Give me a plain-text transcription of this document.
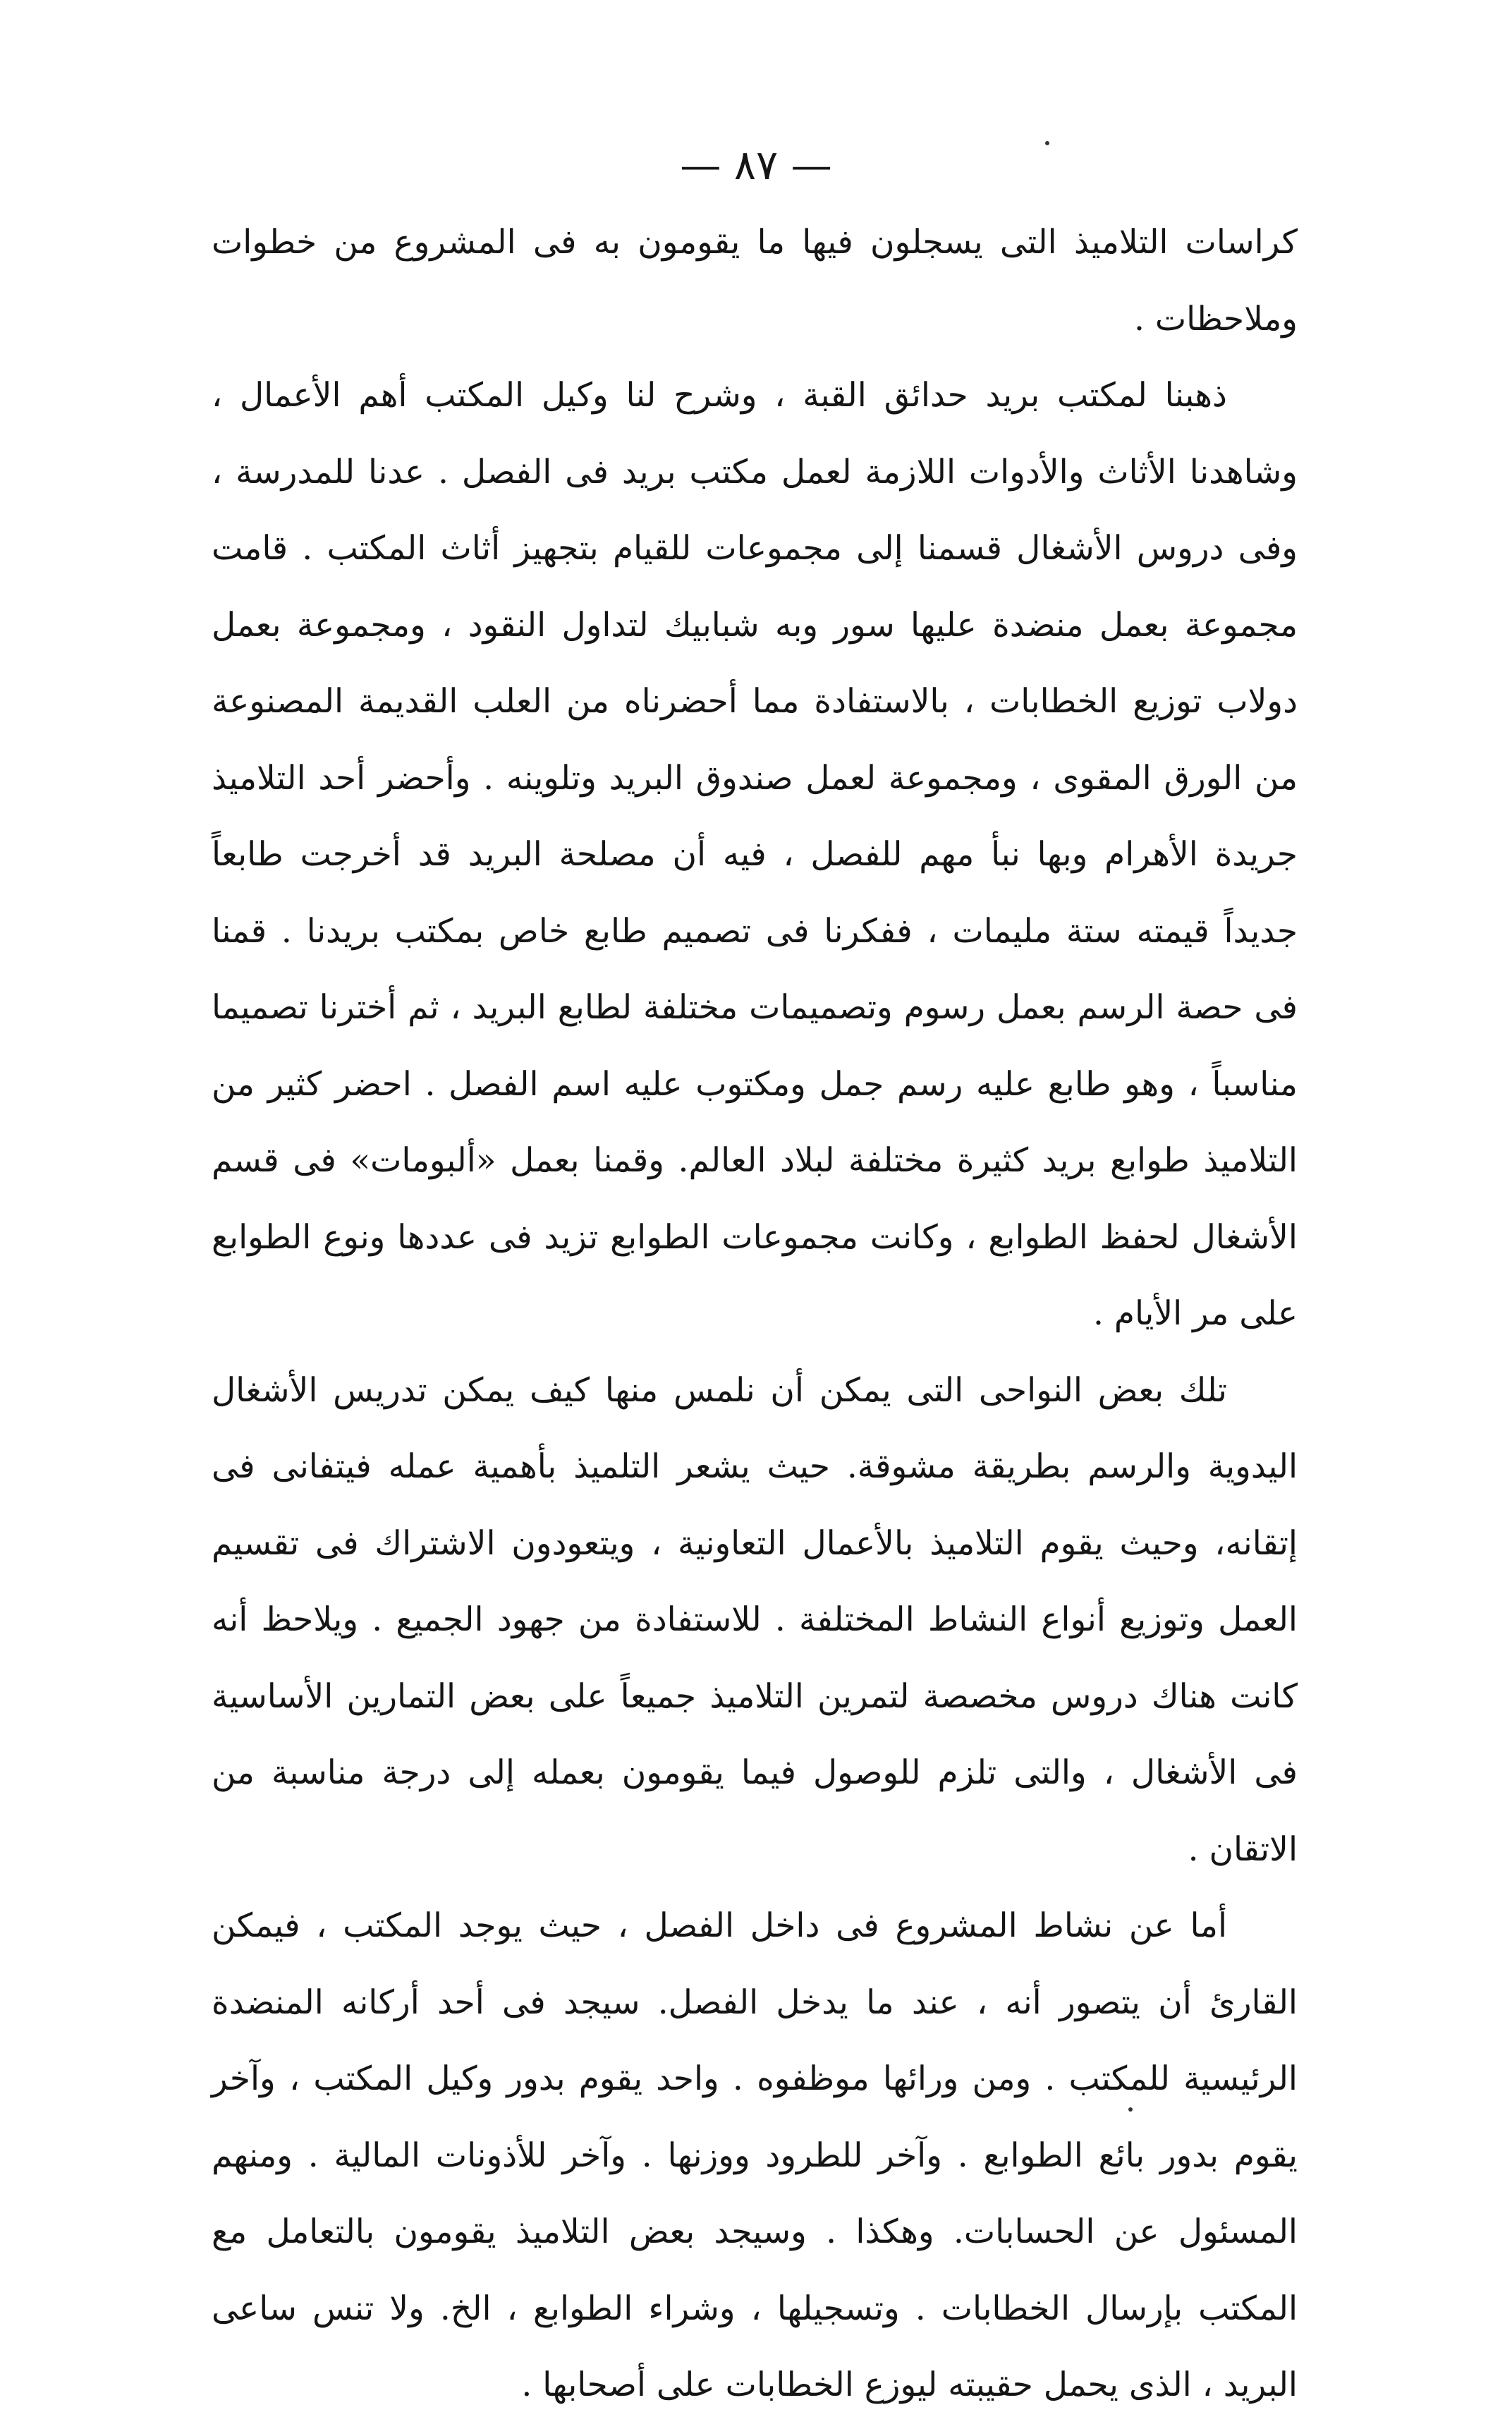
— ٨٧ —

كراسات التلاميذ التى يسجلون فيها ما يقومون به فى المشروع من خطوات وملاحظات .

ذهبنا لمكتب بريد حدائق القبة ، وشرح لنا وكيل المكتب أهم الأعمال ، وشاهدنا الأثاث والأدوات اللازمة لعمل مكتب بريد فى الفصل . عدنا للمدرسة ، وفى دروس الأشغال قسمنا إلى مجموعات للقيام بتجهيز أثاث المكتب . قامت مجموعة بعمل منضدة عليها سور وبه شبابيك لتداول النقود ، ومجموعة بعمل دولاب توزيع الخطابات ، بالاستفادة مما أحضرناه من العلب القديمة المصنوعة من الورق المقوى ، ومجموعة لعمل صندوق البريد وتلوينه . وأحضر أحد التلاميذ جريدة الأهرام وبها نبأ مهم للفصل ، فيه أن مصلحة البريد قد أخرجت طابعاً جديداً قيمته ستة مليمات ، ففكرنا فى تصميم طابع خاص بمكتب بريدنا . قمنا فى حصة الرسم بعمل رسوم وتصميمات مختلفة لطابع البريد ، ثم أخترنا تصميما مناسباً ، وهو طابع عليه رسم جمل ومكتوب عليه اسم الفصل . احضر كثير من التلاميذ طوابع بريد كثيرة مختلفة لبلاد العالم. وقمنا بعمل «ألبومات» فى قسم الأشغال لحفظ الطوابع ، وكانت مجموعات الطوابع تزيد فى عددها ونوع الطوابع على مر الأيام .

تلك بعض النواحى التى يمكن أن نلمس منها كيف يمكن تدريس الأشغال اليدوية والرسم بطريقة مشوقة. حيث يشعر التلميذ بأهمية عمله فيتفانى فى إتقانه، وحيث يقوم التلاميذ بالأعمال التعاونية ، ويتعودون الاشتراك فى تقسيم العمل وتوزيع أنواع النشاط المختلفة . للاستفادة من جهود الجميع . ويلاحظ أنه كانت هناك دروس مخصصة لتمرين التلاميذ جميعاً على بعض التمارين الأساسية فى الأشغال ، والتى تلزم للوصول فيما يقومون بعمله إلى درجة مناسبة من الاتقان .

أما عن نشاط المشروع فى داخل الفصل ، حيث يوجد المكتب ، فيمكن القارئ أن يتصور أنه ، عند ما يدخل الفصل. سيجد فى أحد أركانه المنضدة الرئيسية للمكتب . ومن ورائها موظفوه . واحد يقوم بدور وكيل المكتب ، وآخر يقوم بدور بائع الطوابع . وآخر للطرود ووزنها . وآخر للأذونات المالية . ومنهم المسئول عن الحسابات. وهكذا . وسيجد بعض التلاميذ يقومون بالتعامل مع المكتب بإرسال الخطابات . وتسجيلها ، وشراء الطوابع ، الخ. ولا تنس ساعى البريد ، الذى يحمل حقيبته ليوزع الخطابات على أصحابها .
